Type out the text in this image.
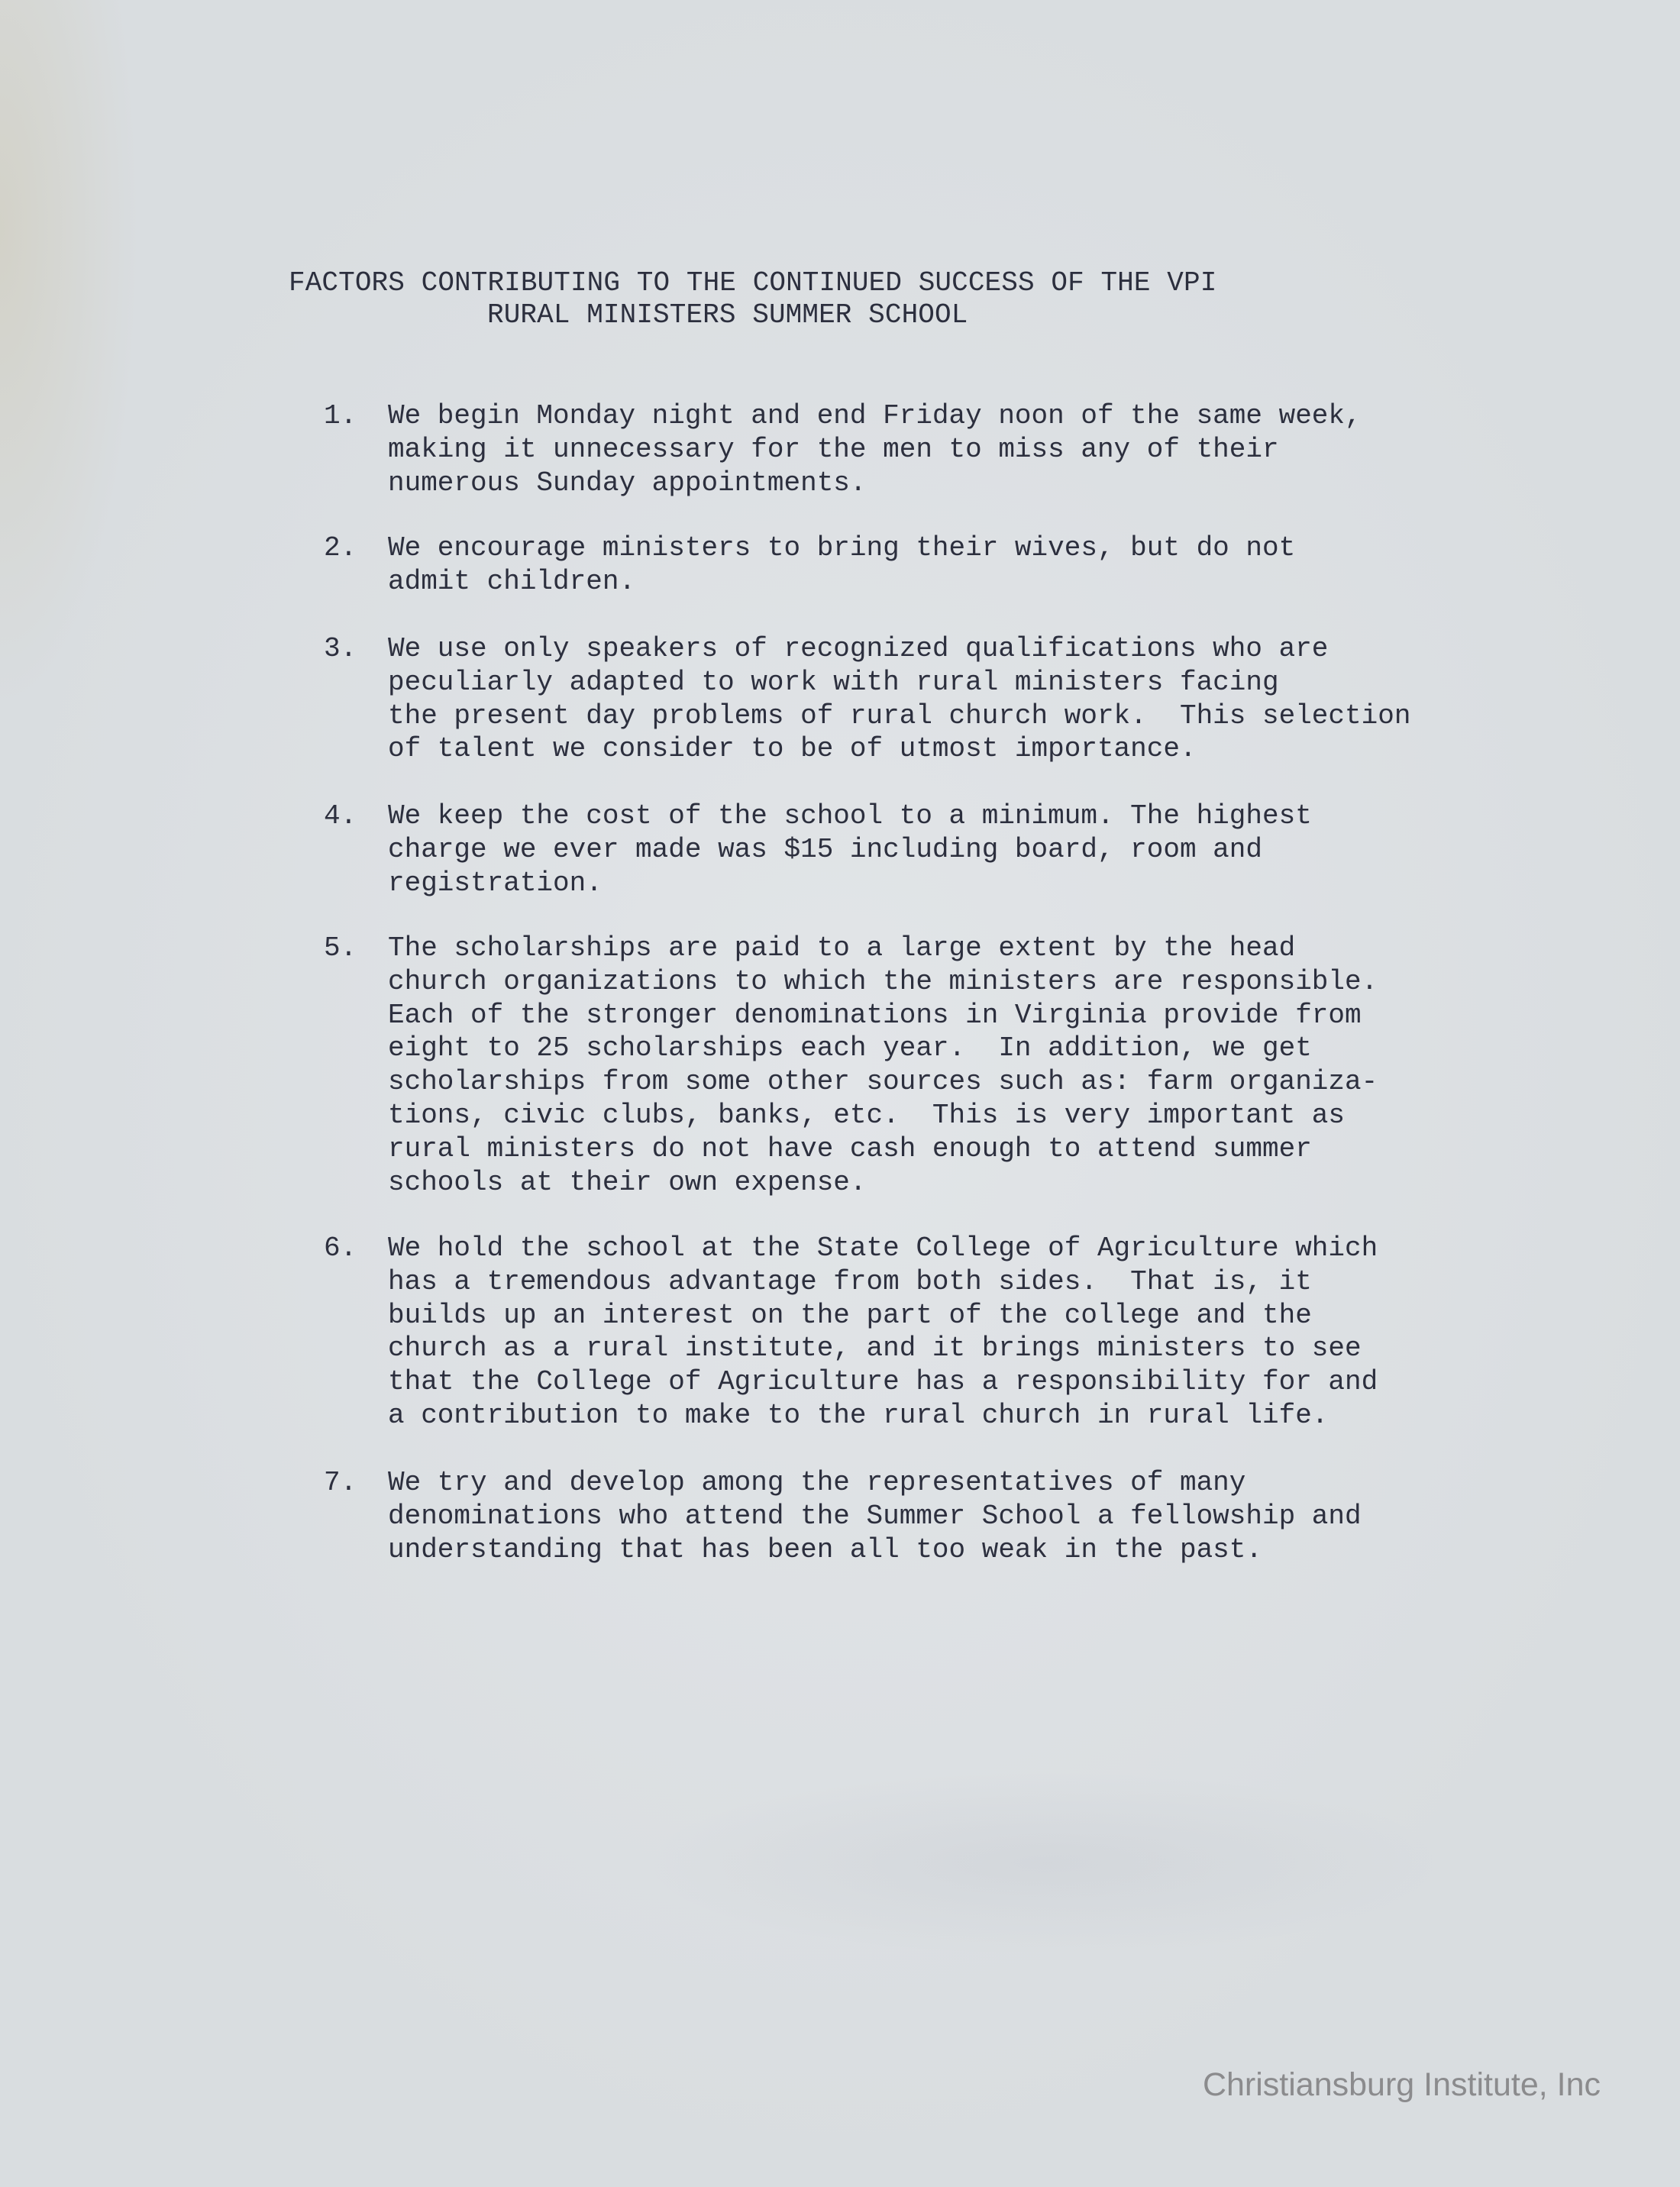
FACTORS CONTRIBUTING TO THE CONTINUED SUCCESS OF THE VPI
RURAL MINISTERS SUMMER SCHOOL
1. We begin Monday night and end Friday noon of the same week,
making it unnecessary for the men to miss any of their
numerous Sunday appointments.
2. We encourage ministers to bring their wives, but do not
admit children.
3. We use only speakers of recognized qualifications who are
peculiarly adapted to work with rural ministers facing
the present day problems of rural church work.  This selection
of talent we consider to be of utmost importance.
4. We keep the cost of the school to a minimum. The highest
charge we ever made was $15 including board, room and
registration.
5. The scholarships are paid to a large extent by the head
church organizations to which the ministers are responsible.
Each of the stronger denominations in Virginia provide from
eight to 25 scholarships each year.  In addition, we get
scholarships from some other sources such as: farm organiza-
tions, civic clubs, banks, etc.  This is very important as
rural ministers do not have cash enough to attend summer
schools at their own expense.
6. We hold the school at the State College of Agriculture which
has a tremendous advantage from both sides.  That is, it
builds up an interest on the part of the college and the
church as a rural institute, and it brings ministers to see
that the College of Agriculture has a responsibility for and
a contribution to make to the rural church in rural life.
7. We try and develop among the representatives of many
denominations who attend the Summer School a fellowship and
understanding that has been all too weak in the past.
Christiansburg Institute, Inc
